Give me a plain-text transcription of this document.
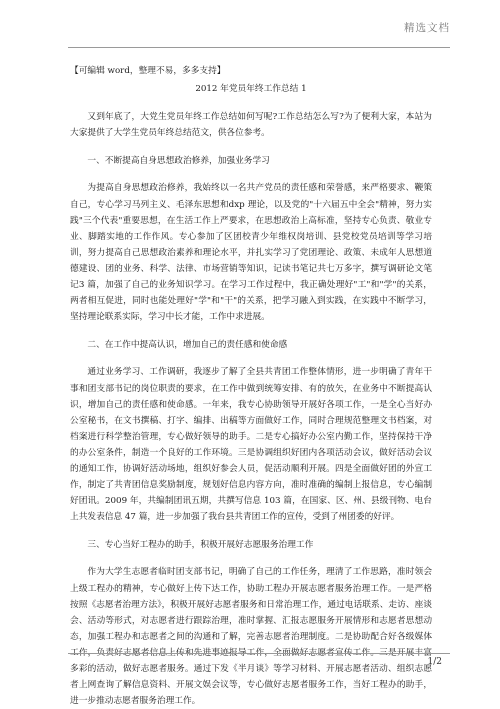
精选文档

【可编辑 word，整理不易，多多支持】

2012 年党员年终工作总结 1

又到年底了，大党生党员年终工作总结如何写呢?工作总结怎么写?为了便利大家，本站为大家提供了大学生党员年终总结范文，供各位参考。

一、不断提高自身思想政治修养，加强业务学习

为提高自身思想政治修养，我始终以一名共产党员的责任感和荣誉感，来严格要求、鞭策自己，专心学习马列主义、毛泽东思想和dxp 理论，以及党的"十六届五中全会"精神，努力实践"三个代表"重要思想，在生活工作上严要求，在思想政治上高标准，坚持专心负责、敬业专业、脚踏实地的工作作风。专心参加了区团校青少年维权岗培训、县党校党员培训等学习培训，努力提高自己思想政治素养和理论水平，并扎实学习了党团理论、政策、未成年人思想道德建设、团的业务、科学、法律、市场营销等知识，记读书笔记共七万多字，撰写调研论文笔记3 篇，加强了自己的业务知识学习。在学习工作过程中，我正确处理好"工"和"学"的关系，两者相互促进，同时也能处理好"学"和"干"的关系，把学习融入到实践，在实践中不断学习，坚持理论联系实际，学习中长才能，工作中求进展。

二、在工作中提高认识，增加自己的责任感和使命感

通过业务学习、工作调研，我逐步了解了全县共青团工作整体情形，进一步明确了青年干事和团支部书记的岗位职责的要求，在工作中做到统筹安排、有的放矢，在业务中不断提高认识，增加自己的责任感和使命感。一年来，我专心协助领导开展好各项工作，一是全心当好办公室秘书，在文书撰稿、打字、编排、出稿等方面做好工作，同时合理规范整理文书档案，对档案进行科学整治管理，专心做好领导的助手。二是专心搞好办公室内勤工作，坚持保持干净的办公室条件，制造一个良好的工作环境。三是协调组织好团内各项活动会议，做好活动会议的通知工作，协调好活动场地，组织好参会人员，促活动顺利开展。四是全面做好团的外宣工作，制定了共青团信息奖励制度，规划好信息内容方向，准时准确的编制上报信息，专心编制好团讯。2009 年，共编制团讯五期，共撰写信息 103 篇，在国家、区、州、县级刊物、电台上共发表信息 47 篇，进一步加强了我台县共青团工作的宣传，受到了州团委的好评。

三、专心当好工程办的助手，积极开展好志愿服务治理工作

作为大学生志愿者临时团支部书记，明确了自己的工作任务，理清了工作思路，准时领会上级工程办的精神，专心做好上传下达工作，协助工程办开展志愿者服务治理工作。一是严格按照《志愿者治理方法》，积极开展好志愿者服务和日常治理工作，通过电话联系、走访、座谈会、活动等形式，对志愿者进行跟踪治理，准时掌握、汇报志愿服务开展情形和志愿者思想动态，加强工程办和志愿者之间的沟通和了解，完善志愿者治理制度。二是协助配合好各级媒体工作，负责好志愿者信息上传和先进事迹报导工作，全面做好志愿者宣传工作。三是开展丰富多彩的活动，做好志愿者服务。通过下发《半月谈》等学习材料、开展志愿者活动、组织志愿者上网查询了解信息资料、开展文娱会议等，专心做好志愿者服务工作，当好工程办的助手，进一步推动志愿者服务治理工作。

1/2
